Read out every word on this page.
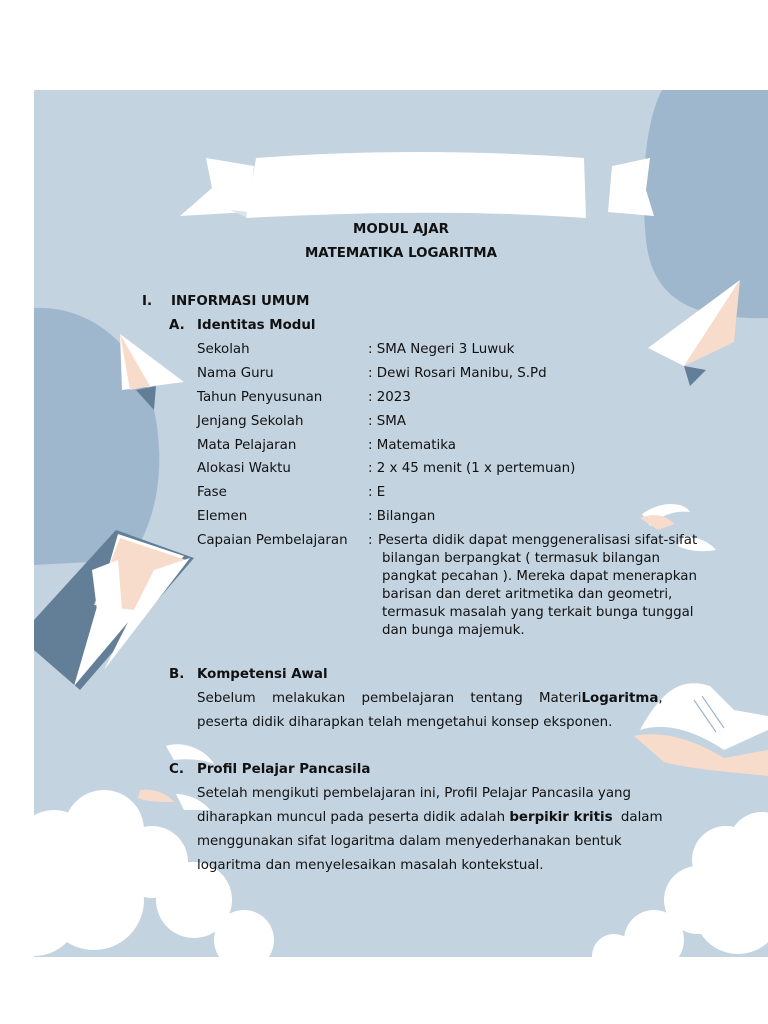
MODUL AJAR
MATEMATIKA LOGARITMA
I. INFORMASI UMUM
A. Identitas Modul
Sekolah	: SMA Negeri 3 Luwuk
Nama Guru	: Dewi Rosari Manibu, S.Pd
Tahun Penyusunan	: 2023
Jenjang Sekolah	: SMA
Mata Pelajaran	: Matematika
Alokasi Waktu	: 2 x 45 menit (1 x pertemuan)
Fase	: E
Elemen	: Bilangan
Capaian Pembelajaran : Peserta didik dapat menggeneralisasi sifat-sifat
bilangan berpangkat ( termasuk bilangan
pangkat pecahan ). Mereka dapat menerapkan
barisan dan deret aritmetika dan geometri,
termasuk masalah yang terkait bunga tunggal
dan bunga majemuk.
B. Kompetensi Awal
Sebelum melakukan pembelajaran tentang Materi Logaritma,
peserta didik diharapkan telah mengetahui konsep eksponen.
C. Profil Pelajar Pancasila
Setelah mengikuti pembelajaran ini, Profil Pelajar Pancasila yang
diharapkan muncul pada peserta didik adalah berpikir kritis dalam
menggunakan sifat logaritma dalam menyederhanakan bentuk
logaritma dan menyelesaikan masalah kontekstual.
